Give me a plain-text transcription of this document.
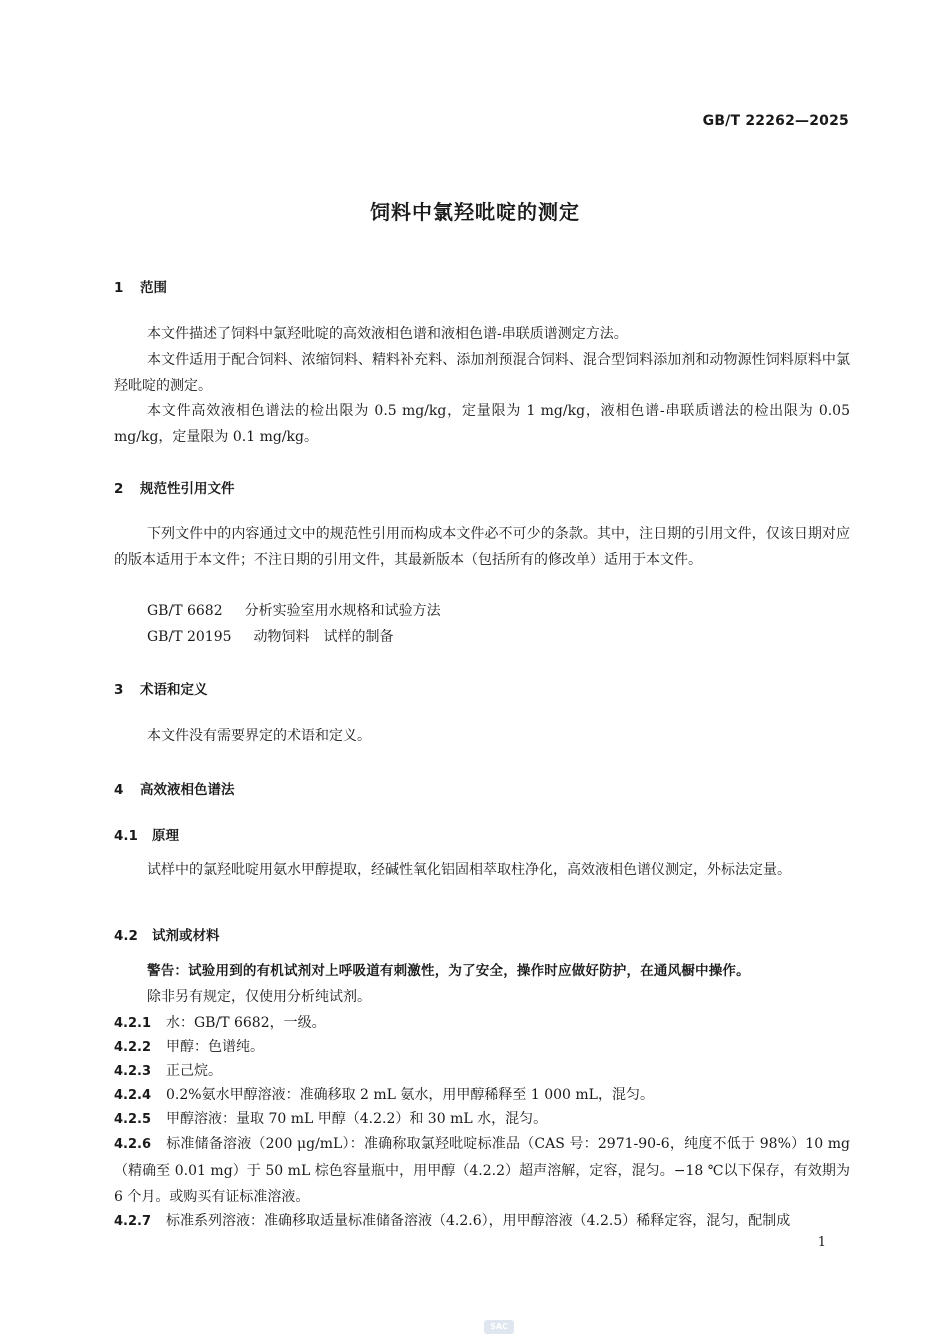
GB/T 22262—2025
饲料中氯羟吡啶的测定
1 范围
本文件描述了饲料中氯羟吡啶的高效液相色谱和液相色谱-串联质谱测定方法。
本文件适用于配合饲料、浓缩饲料、精料补充料、添加剂预混合饲料、混合型饲料添加剂和动物源性饲料原料中氯羟吡啶的测定。
本文件高效液相色谱法的检出限为 0.5 mg/kg，定量限为 1 mg/kg，液相色谱-串联质谱法的检出限为 0.05 mg/kg，定量限为 0.1 mg/kg。
2 规范性引用文件
下列文件中的内容通过文中的规范性引用而构成本文件必不可少的条款。其中，注日期的引用文件，仅该日期对应的版本适用于本文件；不注日期的引用文件，其最新版本（包括所有的修改单）适用于本文件。
GB/T 6682 分析实验室用水规格和试验方法
GB/T 20195 动物饲料　试样的制备
3 术语和定义
本文件没有需要界定的术语和定义。
4 高效液相色谱法
4.1 原理
试样中的氯羟吡啶用氨水甲醇提取，经碱性氧化铝固相萃取柱净化，高效液相色谱仪测定，外标法定量。
4.2 试剂或材料
警告：试验用到的有机试剂对上呼吸道有刺激性，为了安全，操作时应做好防护，在通风橱中操作。
除非另有规定，仅使用分析纯试剂。
4.2.1 水：GB/T 6682，一级。
4.2.2 甲醇：色谱纯。
4.2.3 正己烷。
4.2.4 0.2%氨水甲醇溶液：准确移取 2 mL 氨水，用甲醇稀释至 1 000 mL，混匀。
4.2.5 甲醇溶液：量取 70 mL 甲醇（4.2.2）和 30 mL 水，混匀。
4.2.6 标准储备溶液（200 μg/mL）：准确称取氯羟吡啶标准品（CAS 号：2971-90-6，纯度不低于 98%）10 mg（精确至 0.01 mg）于 50 mL 棕色容量瓶中，用甲醇（4.2.2）超声溶解，定容，混匀。−18 ℃以下保存，有效期为 6 个月。或购买有证标准溶液。
4.2.7 标准系列溶液：准确移取适量标准储备溶液（4.2.6），用甲醇溶液（4.2.5）稀释定容，混匀，配制成
1
SAC
